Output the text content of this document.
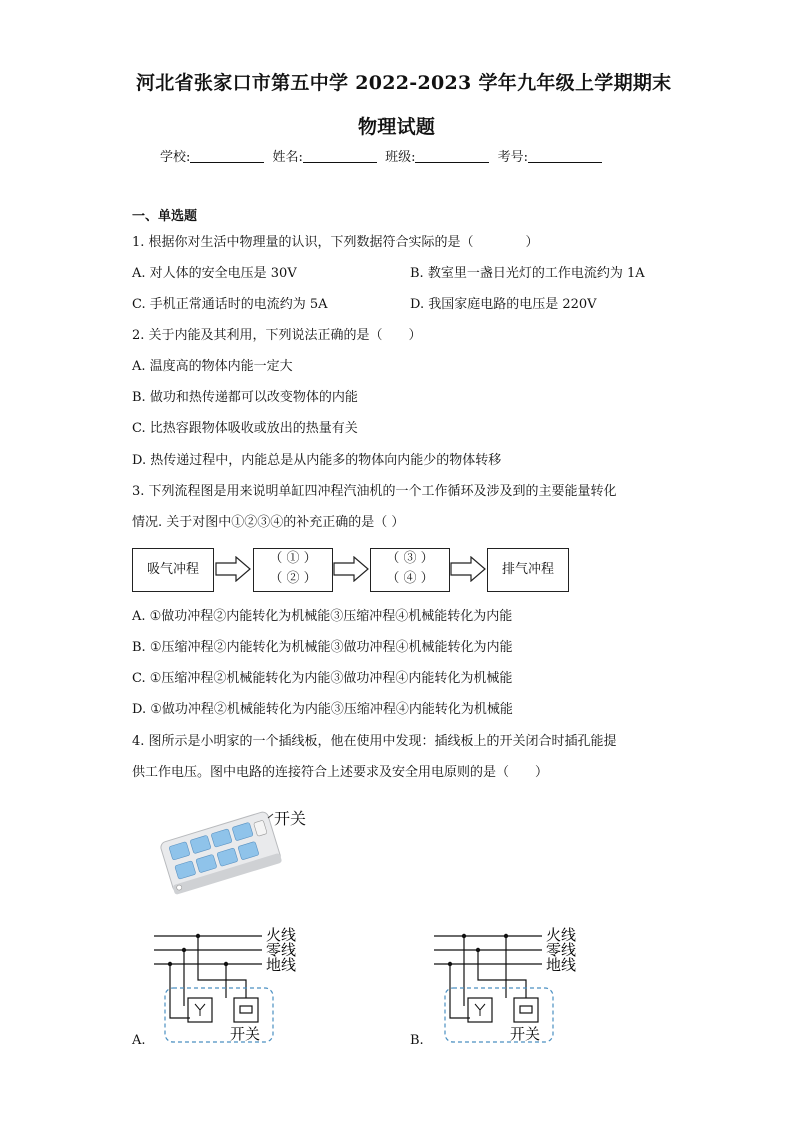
河北省张家口市第五中学 2022-2023 学年九年级上学期期末
物理试题
学校:	姓名:	班级:	考号:
一、单选题
1. 根据你对生活中物理量的认识，下列数据符合实际的是（　　　　）
A. 对人体的安全电压是 30V	B. 教室里一盏日光灯的工作电流约为 1A
C. 手机正常通话时的电流约为 5A	D. 我国家庭电路的电压是 220V
2. 关于内能及其利用，下列说法正确的是（　　）
A. 温度高的物体内能一定大
B. 做功和热传递都可以改变物体的内能
C. 比热容跟物体吸收或放出的热量有关
D. 热传递过程中，内能总是从内能多的物体向内能少的物体转移
3. 下列流程图是用来说明单缸四冲程汽油机的一个工作循环及涉及到的主要能量转化
情况. 关于对图中①②③④的补充正确的是（ ）
吸气冲程
（ ① ）
（ ② ）
（ ③ ）
（ ④ ）
排气冲程
A. ①做功冲程②内能转化为机械能③压缩冲程④机械能转化为内能
B. ①压缩冲程②内能转化为机械能③做功冲程④机械能转化为内能
C. ①压缩冲程②机械能转化为内能③做功冲程④内能转化为机械能
D. ①做功冲程②机械能转化为内能③压缩冲程④内能转化为机械能
4. 图所示是小明家的一个插线板，他在使用中发现：插线板上的开关闭合时插孔能提
供工作电压。图中电路的连接符合上述要求及安全用电原则的是（　　）
开关
火线
零线
地线
开关
A.
火线
零线
地线
开关
B.
